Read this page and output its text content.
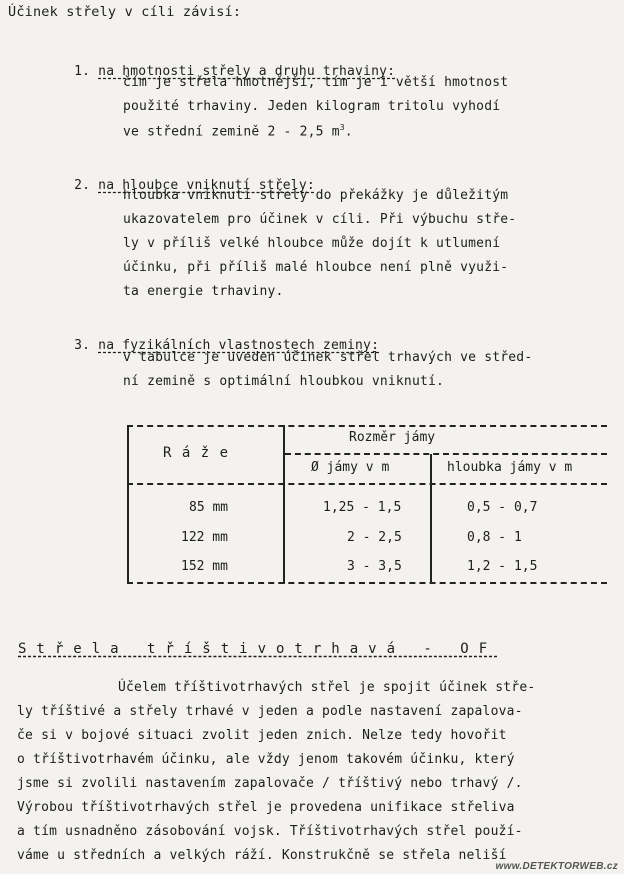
Účinek střely v cíli závisí:

1. na hmotnosti střely a druhu trhaviny:

čím je střela hmotnější, tím je i větší hmotnost
použité trhaviny. Jeden kilogram tritolu vyhodí
ve střední zemině 2 - 2,5 $m^3$.

2. na hloubce vniknutí střely:

hloubka vniknutí střely do překážky je důležitým
ukazovatelem pro účinek v cíli. Při výbuchu stře-
ly v příliš velké hloubce může dojít k utlumení
účinku, při příliš malé hloubce není plně využi-
ta energie trhaviny.

3. na fyzikálních vlastnostech zeminy:

v tabulce je uveden účinek střel trhavých ve střed-
ní zemině s optimální hloubkou vniknutí.
R á ž e
Rozměr jámy
Ø jámy v m	hloubka jámy v m
85 mm	1,25 - 1,5	0,5 - 0,7
122 mm	2 - 2,5	0,8 - 1
152 mm	3 - 3,5	1,2 - 1,5
Střela tříštivotrhavá - OF
Účelem tříštivotrhavých střel je spojit účinek stře-
ly tříštivé a střely trhavé v jeden a podle nastavení zapalova-
če si v bojové situaci zvolit jeden znich. Nelze tedy hovořit
o tříštivotrhavém účinku, ale vždy jenom takovém účinku, který
jsme si zvolili nastavením zapalovače / tříštivý nebo trhavý /.
Výrobou tříštivotrhavých střel je provedena unifikace střeliva
a tím usnadněno zásobování vojsk. Tříštivotrhavých střel použí-
váme u středních a velkých ráží. Konstrukčně se střela neliší
www.DETEKTORWEB.cz
